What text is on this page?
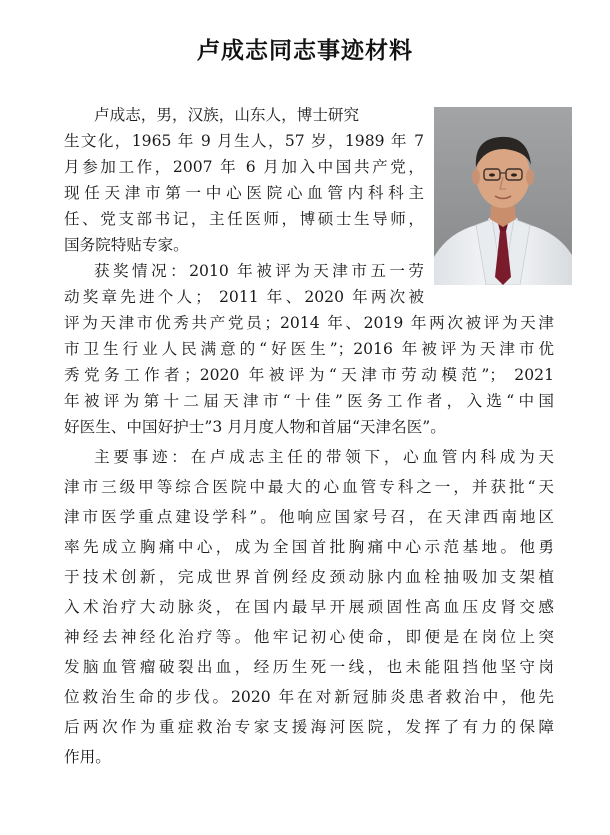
卢成志同志事迹材料
卢成志，男，汉族，山东人，博士研究
生文化，1965 年 9 月生人，57 岁，1989 年 7
月参加工作，2007 年 6 月加入中国共产党，
现任天津市第一中心医院心血管内科科主
任、党支部书记，主任医师，博硕士生导师，
国务院特贴专家。
获奖情况：2010 年被评为天津市五一劳
动奖章先进个人； 2011 年、2020 年两次被
评为天津市优秀共产党员；2014 年、2019 年两次被评为天津
市卫生行业人民满意的“好医生”；2016 年被评为天津市优
秀党务工作者；2020 年被评为“天津市劳动模范”； 2021
年被评为第十二届天津市“十佳”医务工作者，入选“中国
好医生、中国好护士”3 月月度人物和首届“天津名医”。
主要事迹：在卢成志主任的带领下，心血管内科成为天
津市三级甲等综合医院中最大的心血管专科之一，并获批“天
津市医学重点建设学科”。他响应国家号召，在天津西南地区
率先成立胸痛中心，成为全国首批胸痛中心示范基地。他勇
于技术创新，完成世界首例经皮颈动脉内血栓抽吸加支架植
入术治疗大动脉炎，在国内最早开展顽固性高血压皮肾交感
神经去神经化治疗等。他牢记初心使命，即便是在岗位上突
发脑血管瘤破裂出血，经历生死一线，也未能阻挡他坚守岗
位救治生命的步伐。2020 年在对新冠肺炎患者救治中，他先
后两次作为重症救治专家支援海河医院，发挥了有力的保障
作用。
